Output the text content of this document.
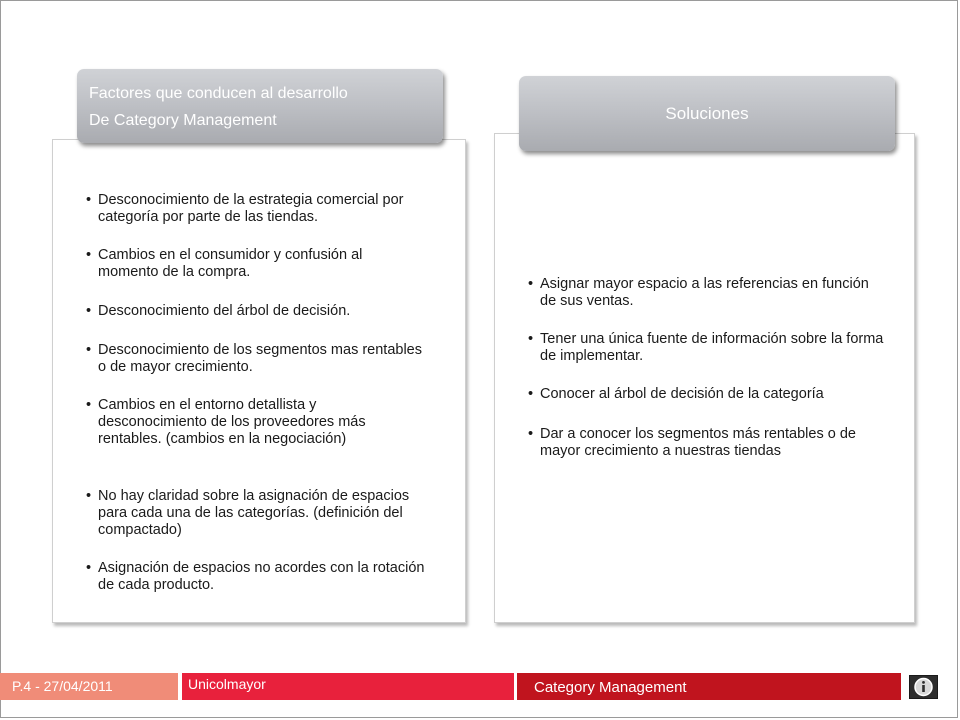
Factores que conducen al desarrollo
De Category Management	Soluciones
• Desconocimiento de la estrategia comercial por categoría por parte de las tiendas.
• Cambios en el consumidor y confusión al momento de la compra.
• Desconocimiento del árbol de decisión.
• Desconocimiento de los segmentos mas rentables o de mayor crecimiento.
• Cambios en el entorno detallista y desconocimiento de los proveedores más rentables. (cambios en la negociación)
• No hay claridad sobre la asignación de espacios para cada una de las categorías. (definición del compactado)
• Asignación de espacios no acordes con la rotación de cada producto.
• Asignar mayor espacio a las referencias en función de sus ventas.
• Tener una única fuente de información sobre la forma de implementar.
• Conocer al árbol de decisión de la categoría
• Dar a conocer los segmentos más rentables o de mayor crecimiento a nuestras tiendas
P.4 - 27/04/2011	Unicolmayor	Category Management
